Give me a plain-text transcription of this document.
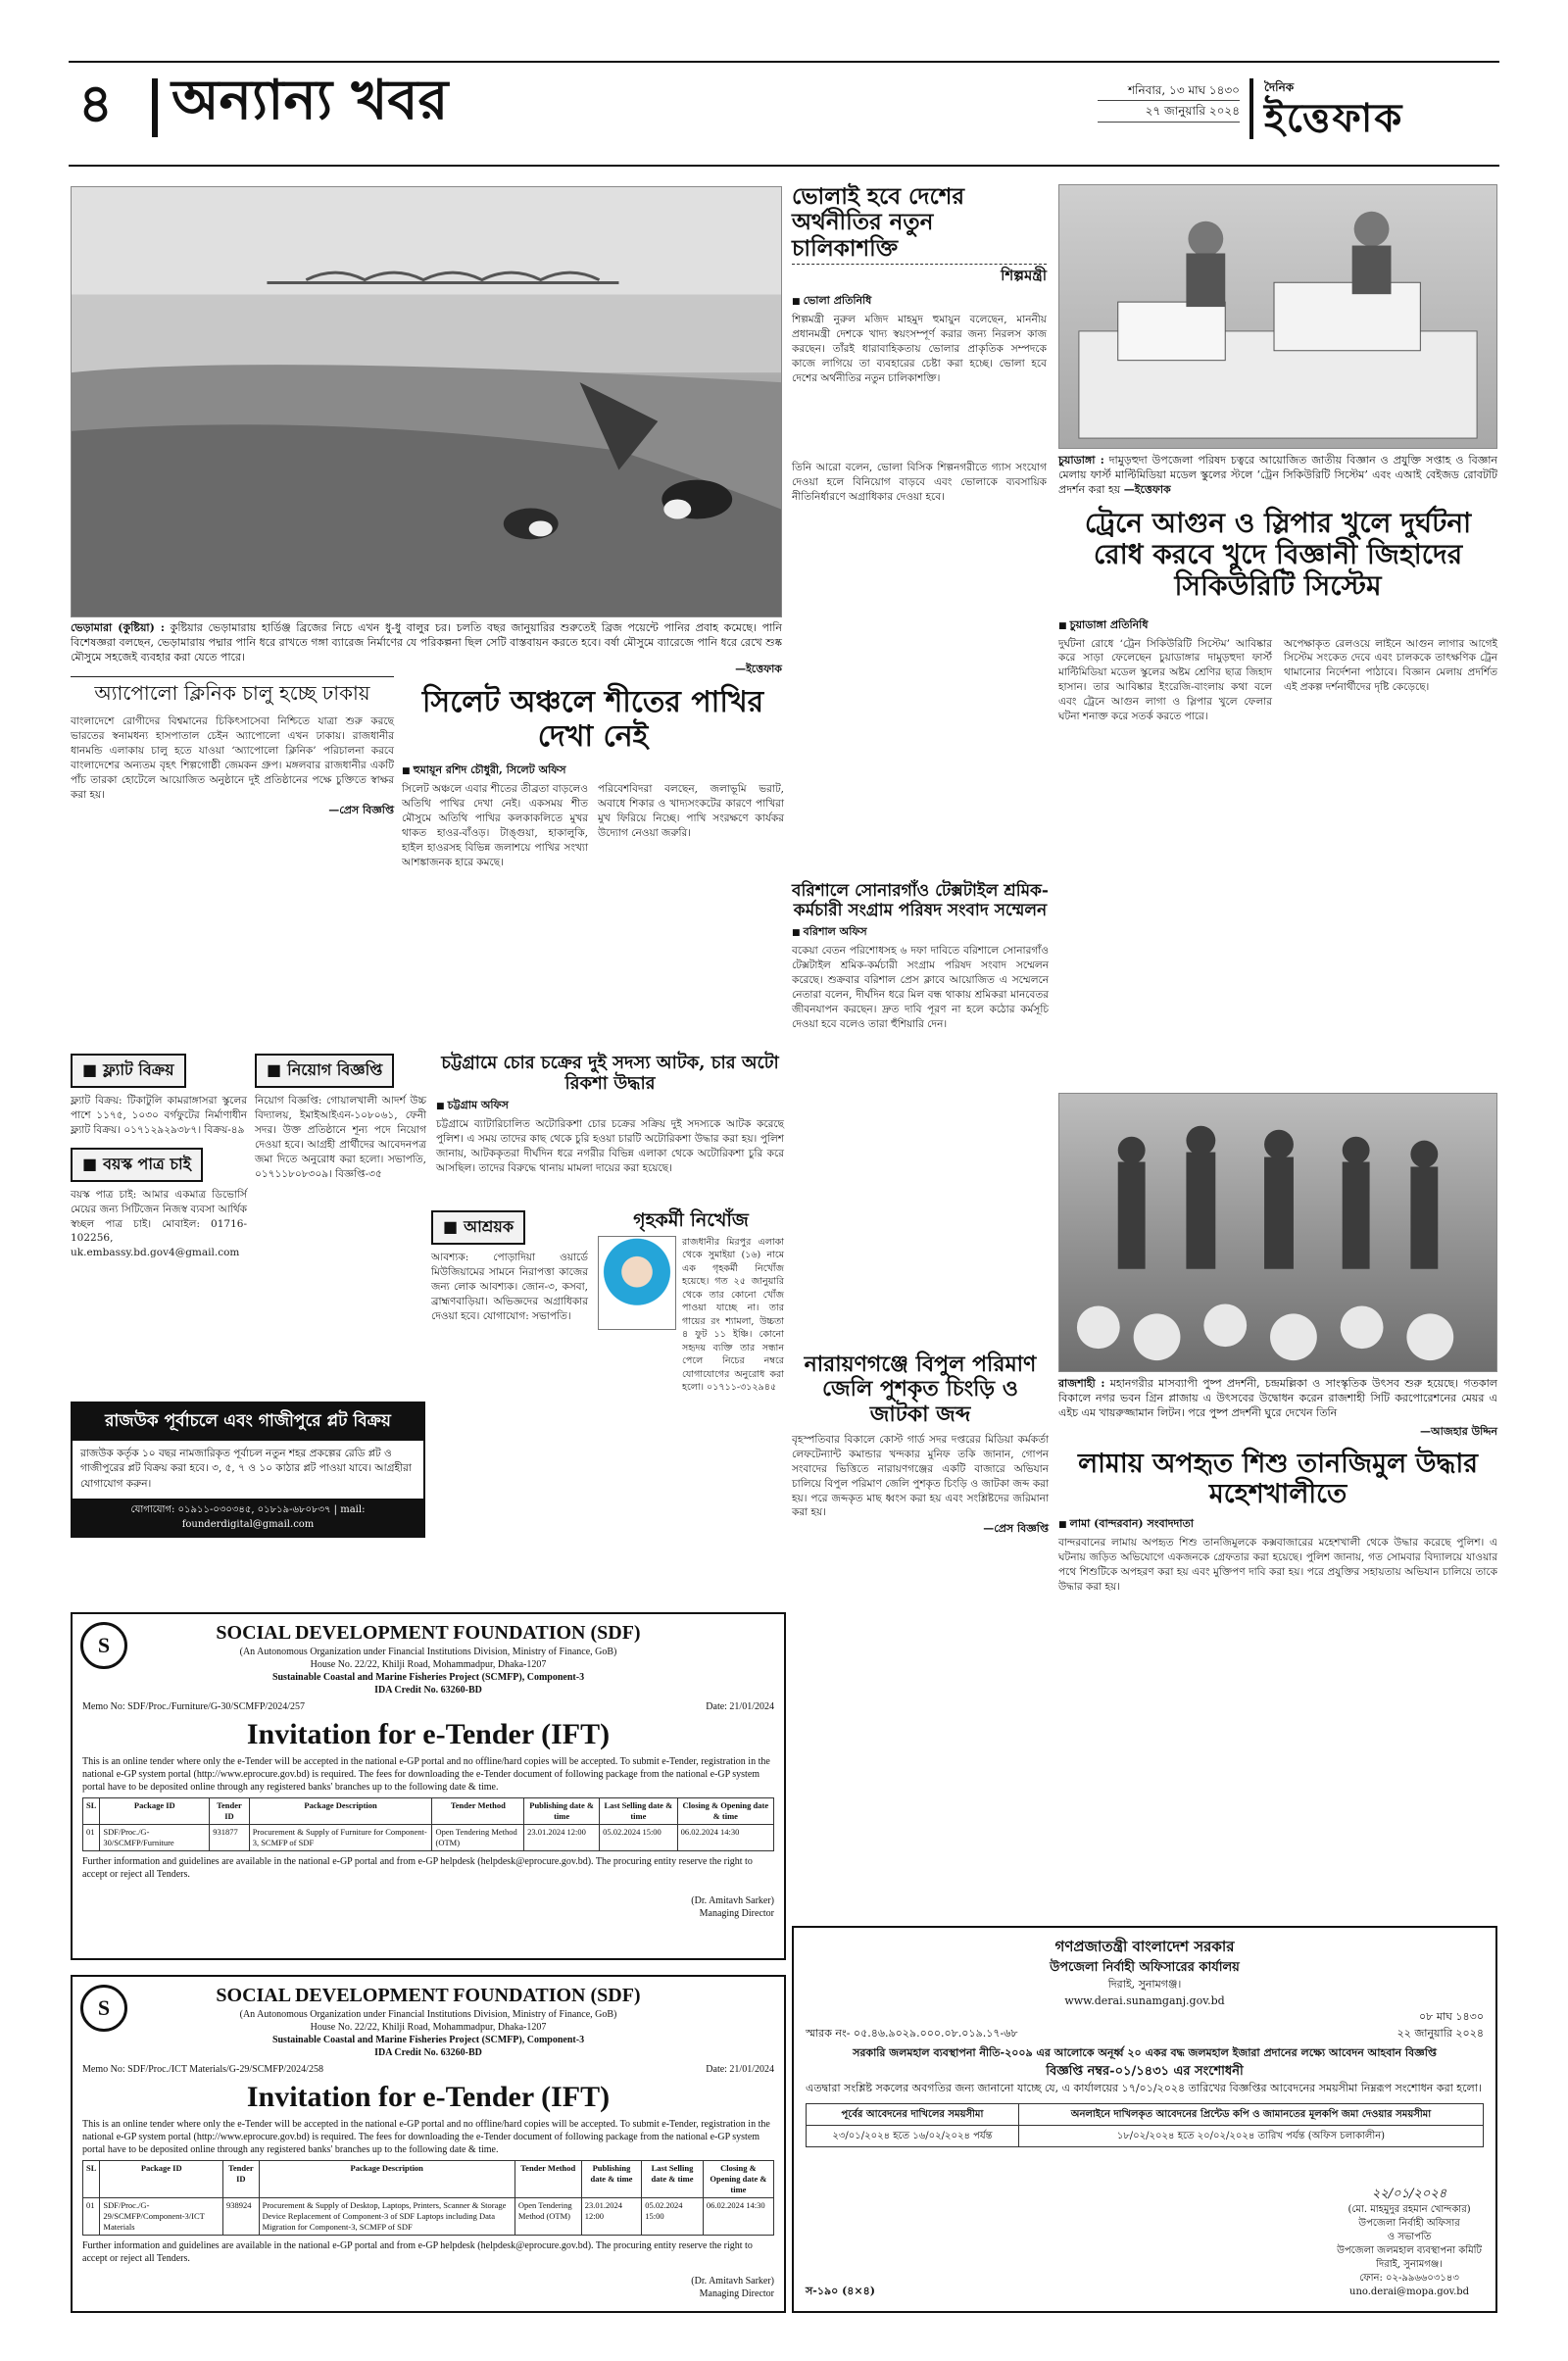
৪ অন্যান্য খবর	শনিবার, ১৩ মাঘ ১৪৩০
২৭ জানুয়ারি ২০২৪
দৈনিক
ইত্তেফাক
ভেড়ামারা (কুষ্টিয়া) : কুষ্টিয়ার ভেড়ামারায় হার্ডিঞ্জ ব্রিজের নিচে এখন ধু-ধু বালুর চর। চলতি বছর জানুয়ারির শুরুতেই ব্রিজ পয়েন্টে পানির প্রবাহ কমেছে। পানি বিশেষজ্ঞরা বলছেন, ভেড়ামারায় পদ্মার পানি ধরে রাখতে গঙ্গা ব্যারেজ নির্মাণের যে পরিকল্পনা ছিল সেটি বাস্তবায়ন করতে হবে। বর্ষা মৌসুমে ব্যারেজে পানি ধরে রেখে শুষ্ক মৌসুমে সহজেই ব্যবহার করা যেতে পারে।
—ইত্তেফাক
ভোলাই হবে দেশের অর্থনীতির নতুন চালিকাশক্তি
শিল্পমন্ত্রী
■ ভোলা প্রতিনিধি
শিল্পমন্ত্রী নুরুল মজিদ মাহমুদ হুমায়ুন বলেছেন, মাননীয় প্রধানমন্ত্রী দেশকে খাদ্য স্বয়ংসম্পূর্ণ করার জন্য নিরলস কাজ করছেন। তাঁরই ধারাবাহিকতায় ভোলার প্রাকৃতিক সম্পদকে কাজে লাগিয়ে তা ব্যবহারের চেষ্টা করা হচ্ছে। ভোলা হবে দেশের অর্থনীতির নতুন চালিকাশক্তি।
তিনি আরো বলেন, ভোলা বিসিক শিল্পনগরীতে গ্যাস সংযোগ দেওয়া হলে বিনিয়োগ বাড়বে এবং ভোলাকে ব্যবসায়িক নীতিনির্ধারণে অগ্রাধিকার দেওয়া হবে।
চুয়াডাঙ্গা : দামুড়হুদা উপজেলা পরিষদ চত্বরে আয়োজিত জাতীয় বিজ্ঞান ও প্রযুক্তি সপ্তাহ ও বিজ্ঞান মেলায় ফার্স্ট মাল্টিমিডিয়া মডেল স্কুলের স্টলে ‘ট্রেন সিকিউরিটি সিস্টেম’ এবং এআই বেইজড রোবটটি প্রদর্শন করা হয় —ইত্তেফাক
ট্রেনে আগুন ও স্লিপার খুলে দুর্ঘটনা রোধ করবে খুদে বিজ্ঞানী জিহাদের সিকিউরিটি সিস্টেম
■ চুয়াডাঙ্গা প্রতিনিধি
দুর্ঘটনা রোধে ‘ট্রেন সিকিউরিটি সিস্টেম’ আবিষ্কার করে সাড়া ফেলেছেন চুয়াডাঙ্গার দামুড়হুদা ফার্স্ট মাল্টিমিডিয়া মডেল স্কুলের অষ্টম শ্রেণির ছাত্র জিহাদ হাসান। তার আবিষ্কার ইংরেজি-বাংলায় কথা বলে এবং ট্রেনে আগুন লাগা ও স্লিপার খুলে ফেলার ঘটনা শনাক্ত করে সতর্ক করতে পারে।
অপেক্ষাকৃত রেলওয়ে লাইনে আগুন লাগার আগেই সিস্টেম সংকেত দেবে এবং চালককে তাৎক্ষণিক ট্রেন থামানোর নির্দেশনা পাঠাবে। বিজ্ঞান মেলায় প্রদর্শিত এই প্রকল্প দর্শনার্থীদের দৃষ্টি কেড়েছে।
অ্যাপোলো ক্লিনিক চালু হচ্ছে ঢাকায়
বাংলাদেশে রোগীদের বিশ্বমানের চিকিৎসাসেবা নিশ্চিতে যাত্রা শুরু করছে ভারতের স্বনামধন্য হাসপাতাল চেইন অ্যাপোলো এখন ঢাকায়। রাজধানীর ধানমন্ডি এলাকায় চালু হতে যাওয়া ‘অ্যাপোলো ক্লিনিক’ পরিচালনা করবে বাংলাদেশের অন্যতম বৃহৎ শিল্পগোষ্ঠী জেমকন গ্রুপ। মঙ্গলবার রাজধানীর একটি পাঁচ তারকা হোটেলে আয়োজিত অনুষ্ঠানে দুই প্রতিষ্ঠানের পক্ষে চুক্তিতে স্বাক্ষর করা হয়।
—প্রেস বিজ্ঞপ্তি
সিলেট অঞ্চলে শীতের পাখির দেখা নেই
■ হুমায়ূন রশিদ চৌধুরী, সিলেট অফিস
সিলেট অঞ্চলে এবার শীতের তীব্রতা বাড়লেও অতিথি পাখির দেখা নেই। একসময় শীত মৌসুমে অতিথি পাখির কলকাকলিতে মুখর থাকত হাওর-বাঁওড়। টাঙ্গুয়া, হাকালুকি, হাইল হাওরসহ বিভিন্ন জলাশয়ে পাখির সংখ্যা আশঙ্কাজনক হারে কমছে।
পরিবেশবিদরা বলছেন, জলাভূমি ভরাট, অবাধে শিকার ও খাদ্যসংকটের কারণে পাখিরা মুখ ফিরিয়ে নিচ্ছে। পাখি সংরক্ষণে কার্যকর উদ্যোগ নেওয়া জরুরি।
বরিশালে সোনারগাঁও টেক্সটাইল শ্রমিক-কর্মচারী সংগ্রাম পরিষদ সংবাদ সম্মেলন
■ বরিশাল অফিস
বকেয়া বেতন পরিশোধসহ ৬ দফা দাবিতে বরিশালে সোনারগাঁও টেক্সটাইল শ্রমিক-কর্মচারী সংগ্রাম পরিষদ সংবাদ সম্মেলন করেছে। শুক্রবার বরিশাল প্রেস ক্লাবে আয়োজিত এ সম্মেলনে নেতারা বলেন, দীর্ঘদিন ধরে মিল বন্ধ থাকায় শ্রমিকরা মানবেতর জীবনযাপন করছেন। দ্রুত দাবি পূরণ না হলে কঠোর কর্মসূচি দেওয়া হবে বলেও তারা হুঁশিয়ারি দেন।
■ ফ্ল্যাট বিক্রয়
ফ্ল্যাট বিক্রয়: টিকাটুলি কামরাঙ্গাসরা স্কুলের পাশে ১১৭৫, ১০৩০ বর্গফুটের নির্মাণাধীন ফ্ল্যাট বিক্রয়। ০১৭১২৯২৯৩৮৭। বিক্রয়-৪৯
■ বয়স্ক পাত্র চাই
বয়স্ক পাত্র চাই: আমার একমাত্র ডিভোর্সি মেয়ের জন্য সিটিজেন নিজস্ব ব্যবসা আর্থিক স্বচ্ছল পাত্র চাই। মোবাইল: 01716-102256, uk.embassy.bd.gov4@gmail.com
■ নিয়োগ বিজ্ঞপ্তি
নিয়োগ বিজ্ঞপ্তি: গোয়ালখালী আদর্শ উচ্চ বিদ্যালয়, ইমাইআইএন-১০৮০৬১, ফেনী সদর। উক্ত প্রতিষ্ঠানে শূন্য পদে নিয়োগ দেওয়া হবে। আগ্রহী প্রার্থীদের আবেদনপত্র জমা দিতে অনুরোধ করা হলো। সভাপতি, ০১৭১১৮০৮৩০৯। বিজ্ঞপ্তি-৩৫
চট্টগ্রামে চোর চক্রের দুই সদস্য আটক, চার অটো রিকশা উদ্ধার
■ চট্টগ্রাম অফিস
চট্টগ্রামে ব্যাটারিচালিত অটোরিকশা চোর চক্রের সক্রিয় দুই সদস্যকে আটক করেছে পুলিশ। এ সময় তাদের কাছ থেকে চুরি হওয়া চারটি অটোরিকশা উদ্ধার করা হয়। পুলিশ জানায়, আটককৃতরা দীর্ঘদিন ধরে নগরীর বিভিন্ন এলাকা থেকে অটোরিকশা চুরি করে আসছিল। তাদের বিরুদ্ধে থানায় মামলা দায়ের করা হয়েছে।
■ আশ্রয়ক
আবশ্যক: পোড়াদিয়া ওয়ার্ডে মিউজিয়ামের সামনে নিরাপত্তা কাজের জন্য লোক আবশ্যক। জোন-৩, কসবা, ব্রাহ্মণবাড়িয়া। অভিজ্ঞদের অগ্রাধিকার দেওয়া হবে। যোগাযোগ: সভাপতি।
গৃহকর্মী নিখোঁজ
রাজধানীর মিরপুর এলাকা থেকে সুমাইয়া (১৬) নামে এক গৃহকর্মী নিখোঁজ হয়েছে। গত ২৫ জানুয়ারি থেকে তার কোনো খোঁজ পাওয়া যাচ্ছে না। তার গায়ের রং শ্যামলা, উচ্চতা ৪ ফুট ১১ ইঞ্চি। কোনো সহৃদয় ব্যক্তি তার সন্ধান পেলে নিচের নম্বরে যোগাযোগের অনুরোধ করা হলো। ০১৭১১-৩১২৯৪৫
রাজউক পূর্বাচলে এবং গাজীপুরে প্লট বিক্রয়
রাজউক কর্তৃক ১০ বছর নামজারিকৃত পূর্বাচল নতুন শহর প্রকল্পের রেডি প্লট ও গাজীপুরের প্লট বিক্রয় করা হবে। ৩, ৫, ৭ ও ১০ কাঠার প্লট পাওয়া যাবে। আগ্রহীরা যোগাযোগ করুন।
যোগাযোগ: ০১৯১১-০৩০৩৪৫, ০১৮১৯-৬৮০৮৩৭ | mail: founderdigital@gmail.com
রাজশাহী : মহানগরীর মাসব্যাপী পুষ্প প্রদর্শনী, চন্দ্রমল্লিকা ও সাংস্কৃতিক উৎসব শুরু হয়েছে। গতকাল বিকালে নগর ভবন গ্রিন প্লাজায় এ উৎসবের উদ্বোধন করেন রাজশাহী সিটি করপোরেশনের মেয়র এ এইচ এম খায়রুজ্জামান লিটন। পরে পুষ্প প্রদর্শনী ঘুরে দেখেন তিনি
—আজহার উদ্দিন
নারায়ণগঞ্জে বিপুল পরিমাণ জেলি পুশকৃত চিংড়ি ও জাটকা জব্দ
বৃহস্পতিবার বিকালে কোস্ট গার্ড সদর দপ্তরের মিডিয়া কর্মকর্তা লেফটেন্যান্ট কমান্ডার খন্দকার মুনিফ তকি জানান, গোপন সংবাদের ভিত্তিতে নারায়ণগঞ্জের একটি বাজারে অভিযান চালিয়ে বিপুল পরিমাণ জেলি পুশকৃত চিংড়ি ও জাটকা জব্দ করা হয়। পরে জব্দকৃত মাছ ধ্বংস করা হয় এবং সংশ্লিষ্টদের জরিমানা করা হয়।
—প্রেস বিজ্ঞপ্তি
লামায় অপহৃত শিশু তানজিমুল উদ্ধার মহেশখালীতে
■ লামা (বান্দরবান) সংবাদদাতা
বান্দরবানের লামায় অপহৃত শিশু তানজিমুলকে কক্সবাজারের মহেশখালী থেকে উদ্ধার করেছে পুলিশ। এ ঘটনায় জড়িত অভিযোগে একজনকে গ্রেফতার করা হয়েছে। পুলিশ জানায়, গত সোমবার বিদ্যালয়ে যাওয়ার পথে শিশুটিকে অপহরণ করা হয় এবং মুক্তিপণ দাবি করা হয়। পরে প্রযুক্তির সহায়তায় অভিযান চালিয়ে তাকে উদ্ধার করা হয়।
S	SOCIAL DEVELOPMENT FOUNDATION (SDF)
(An Autonomous Organization under Financial Institutions Division, Ministry of Finance, GoB)
House No. 22/22, Khilji Road, Mohammadpur, Dhaka-1207
Sustainable Coastal and Marine Fisheries Project (SCMFP), Component-3
IDA Credit No. 63260-BD
Memo No: SDF/Proc./Furniture/G-30/SCMFP/2024/257	Date: 21/01/2024
Invitation for e-Tender (IFT)
This is an online tender where only the e-Tender will be accepted in the national e-GP portal and no offline/hard copies will be accepted. To submit e-Tender, registration in the national e-GP system portal (http://www.eprocure.gov.bd) is required. The fees for downloading the e-Tender document of following package from the national e-GP system portal have to be deposited online through any registered banks' branches up to the following date & time.
SL	Package ID	Tender ID	Package Description	Tender Method	Publishing date & time	Last Selling date & time	Closing & Opening date & time
01	SDF/Proc./G-30/SCMFP/Furniture	931877	Procurement & Supply of Furniture for Component-3, SCMFP of SDF	Open Tendering Method (OTM)	23.01.2024 12:00	05.02.2024 15:00	06.02.2024 14:30
Further information and guidelines are available in the national e-GP portal and from e-GP helpdesk (helpdesk@eprocure.gov.bd). The procuring entity reserve the right to accept or reject all Tenders.
(Dr. Amitavh Sarker)
Managing Director
S	SOCIAL DEVELOPMENT FOUNDATION (SDF)
(An Autonomous Organization under Financial Institutions Division, Ministry of Finance, GoB)
House No. 22/22, Khilji Road, Mohammadpur, Dhaka-1207
Sustainable Coastal and Marine Fisheries Project (SCMFP), Component-3
IDA Credit No. 63260-BD
Memo No: SDF/Proc./ICT Materials/G-29/SCMFP/2024/258	Date: 21/01/2024
Invitation for e-Tender (IFT)
This is an online tender where only the e-Tender will be accepted in the national e-GP portal and no offline/hard copies will be accepted. To submit e-Tender, registration in the national e-GP system portal (http://www.eprocure.gov.bd) is required. The fees for downloading the e-Tender document of following package from the national e-GP system portal have to be deposited online through any registered banks' branches up to the following date & time.
SL	Package ID	Tender ID	Package Description	Tender Method	Publishing date & time	Last Selling date & time	Closing & Opening date & time
01	SDF/Proc./G-29/SCMFP/Component-3/ICT Materials	938924	Procurement & Supply of Desktop, Laptops, Printers, Scanner & Storage Device Replacement of Component-3 of SDF Laptops including Data Migration for Component-3, SCMFP of SDF	Open Tendering Method (OTM)	23.01.2024 12:00	05.02.2024 15:00	06.02.2024 14:30
Further information and guidelines are available in the national e-GP portal and from e-GP helpdesk (helpdesk@eprocure.gov.bd). The procuring entity reserve the right to accept or reject all Tenders.
(Dr. Amitavh Sarker)
Managing Director
গণপ্রজাতন্ত্রী বাংলাদেশ সরকার
উপজেলা নির্বাহী অফিসারের কার্যালয়
দিরাই, সুনামগঞ্জ।
www.derai.sunamganj.gov.bd
স্মারক নং- ০৫.৪৬.৯০২৯.০০০.০৮.০১৯.১৭-৬৮
০৮ মাঘ ১৪৩০
২২ জানুয়ারি ২০২৪
সরকারি জলমহাল ব্যবস্থাপনা নীতি-২০০৯ এর আলোকে অনূর্ধ্ব ২০ একর বদ্ধ জলমহাল ইজারা প্রদানের লক্ষ্যে আবেদন আহবান বিজ্ঞপ্তি
বিজ্ঞপ্তি নম্বর-০১/১৪৩১ এর সংশোধনী
এতদ্বারা সংশ্লিষ্ট সকলের অবগতির জন্য জানানো যাচ্ছে যে, এ কার্যালয়ের ১৭/০১/২০২৪ তারিখের বিজ্ঞপ্তির আবেদনের সময়সীমা নিম্নরূপ সংশোধন করা হলো।
পূর্বের আবেদনের দাখিলের সময়সীমা	অনলাইনে দাখিলকৃত আবেদনের প্রিন্টেড কপি ও জামানতের মূলকপি জমা দেওয়ার সময়সীমা
২৩/০১/২০২৪ হতে ১৬/০২/২০২৪ পর্যন্ত	১৮/০২/২০২৪ হতে ২০/০২/২০২৪ তারিখ পর্যন্ত (অফিস চলাকালীন)
২২/০১/২০২৪
(মো. মাহমুদুর রহমান খোন্দকার)
উপজেলা নির্বাহী অফিসার
ও সভাপতি
উপজেলা জলমহাল ব্যবস্থাপনা কমিটি
দিরাই, সুনামগঞ্জ।
ফোন: ০২-৯৯৬৬০৩১৪৩
uno.derai@mopa.gov.bd
স-১৯০ (৪×৪)
